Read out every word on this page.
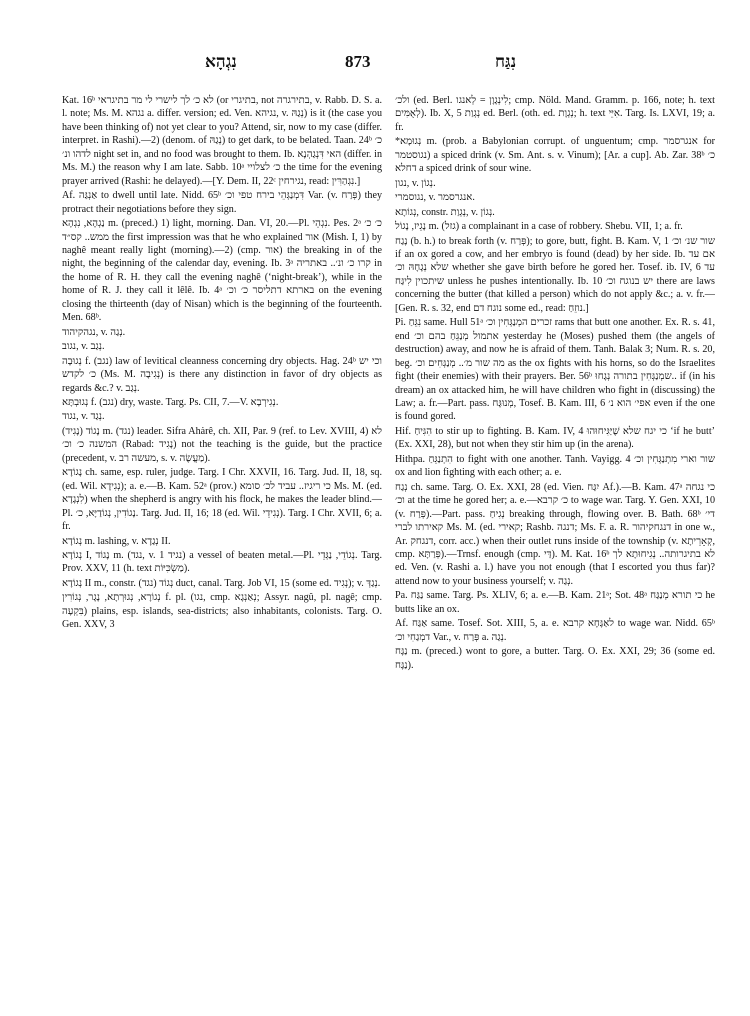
נִגְהָא	873	נִגַּח

Kat. 16ᵇ לא כ׳ לך לישרי לי מר בתיגראי (or בתיגרי, not בתירגרה, v. Rabb. D. S. a. l. note; Ms. M. נגהא a. differ. version; ed. Ven. נגיהא, v. נְגַהּ) is it (the case you have been thinking of) not yet clear to you? Attend, sir, now to my case (differ. interpret. in Rashi).—2) (denom. of נְגַהּ) to get dark, to be belated. Taan. 24ᵇ כ׳ לדהו ונ׳ night set in, and no food was brought to them. Ib. האי דִּנְגַהְנָא (differ. in Ms. M.) the reason why I am late. Sabb. 10ᵃ כ׳ לצלויי the time for the evening prayer arrived (Rashi: he delayed).—[Y. Dem. II, 22ᶜ נגירחין, read: נִגְהַרִּין.]

Af. אַנְגַּה to dwell until late. Nidd. 65ᵇ דִּמְנַגְּהֵי בירח טפי וכ׳ Var. (v. פְּרַח) they protract their negotiations before they sign.

נַגְהָא, נִגְהָא m. (preced.) 1) light, morning. Dan. VI, 20.—Pl. נִגְהֵי. Pes. 2ᵃ כ׳ כ׳ ממש.. קס״ד the first impression was that he who explained אור (Mish. I, 1) by naghê meant really light (morning).—2) (cmp. אור) the breaking in of the night, the beginning of the calendar day, evening. Ib. 3ᵃ קרו כ׳ ונ׳.. באתריה in the home of R. H. they call the evening naghê (‘night-break’), while in the home of R. J. they call it lêlê. Ib. 4ᵃ בארתא דתליסר כ׳ וכ׳ on the evening closing the thirteenth (day of Nisan) which is the beginning of the fourteenth. Men. 68ᵇ.

נגהקיהוד, v. נְגַה.

נגוב, v. נְגַב.

נְגוּבָה f. (נגב) law of levitical cleanness concerning dry objects. Hag. 24ᵇ וכי יש כ׳ לקדש (Ms. M. נְגִיבָה) is there any distinction in favor of dry objects as regards &c.? v. נְגַב.

נְגוּבְתָּא f. (נגב) dry, waste. Targ. Ps. CII, 7.—V. נְגִירְבָא.

נגוד, v. נְגַד.

נָגוֹד (נָגִיד) m. (נגד) leader. Sifra Ahȧrê, ch. XII, Par. 9 (ref. to Lev. XVIII, 4) לא המשנה כ׳ וכ׳ (Rabad: נָגִיד) not the teaching is the guide, but the practice (precedent, v. מעשה רב, s. v. מַעֲשֶׂה).

נָגוֹדָא ch. same, esp. ruler, judge. Targ. I Chr. XXVII, 16. Targ. Jud. II, 18, sq. (ed. Wil. נְגִידָא); a. e.—B. Kam. 52ᵃ (prov.) כי ריגיז.. עביד לכ׳ סומא Ms. M. (ed. לִנְגָדָא) when the shepherd is angry with his flock, he makes the leader blind.—Pl. נָגוֹדִין, נְגוֹדַיָּא, כ׳. Targ. Jud. II, 16; 18 (ed. Wil. נְגִידֵי). Targ. I Chr. XVII, 6; a. fr.

נְגוֹדָא m. lashing, v. נְגַדָא II.

נְגוֹדָא I, נָגוֹד m. (נגד, v. נגיד 1) a vessel of beaten metal.—Pl. נְגוֹדֵי, נַגְּדֵי. Targ. Prov. XXV, 11 (h. text מַשְׂכִּיּוֹת).

נְגוֹדָא II m., constr. נְגוֹד (נגד) duct, canal. Targ. Job VI, 15 (some ed. נְגִיד); v. נְגַדְּ.

נְגוֹרָא, נְגוּרְתָא, נָגָר, נְגוֹרִין f. pl. (נגו, cmp. נְאַנְגָא; Assyr. nagû, pl. nagê; cmp. בִּקְעָה) plains, esp. islands, sea-districts; also inhabitants, colonists. Targ. O. Gen. XXV, 3

ולכ׳ (ed. Berl. לִינְגָוָן = לְאנגו; cmp. Nöld. Mand. Gramm. p. 166, note; h. text לְאֻמִּים). Ib. X, 5 נְגְוַת ed. Berl. (oth. ed. נְגְוָת; h. text אִיֵּי. Targ. Is. LXVI, 19; a. fr.

*נְגוּמָא m. (prob. a Babylonian corrupt. of unguentum; cmp. אנגרסמר for נגוסטמר) a spiced drink (v. Sm. Ant. s. v. Vinum); [Ar. a cup]. Ab. Zar. 38ᵇ כ׳ דחלא a spiced drink of sour wine.

נגון, v. נְגוֹן.

נגוסמרי, v. אנגרסמר.

נְגוֹתָא, constr. נְגְוַת, v. נְגוֹן.

נָגֵיז, נָגוֹל m. (גזל) a complainant in a case of robbery. Shebu. VII, 1; a. fr.

נָגַח (b. h.) to break forth (v. פְּרַח); to gore, butt, fight. B. Kam. V, 1 שור שנ׳ וכ׳ if an ox gored a cow, and her embryo is found (dead) by her side. Ib. אם עד שלא נְגָחָהּ וכ׳ whether she gave birth before he gored her. Tosef. ib. IV, 6 עד שיתכוין לִיגַּח unless he pushes intentionally. Ib. 10 יש בנוגח וכ׳ there are laws concerning the butter (that killed a person) which do not apply &c.; a. v. fr.—[Gen. R. s. 32, end נוגח דם some ed., read: נוזֵחַ.]

Pi. נִגֵּחַ same. Hull 51ᵃ זכרים המְנַגְּחִין וכ׳ rams that butt one another. Ex. R. s. 41, end אתמול מְנַגֵּחַ בהם וכ׳ yesterday he (Moses) pushed them (the angels of destruction) away, and now he is afraid of them. Tanh. Balak 3; Num. R. s. 20, beg. מה שור מ׳.. מְנַגְּחִים וכ׳ as the ox fights with his horns, so do the Israelites fight (their enemies) with their prayers. Ber. 56ᵇ שמְנַגְּחִין בתורה נְגָחוּ.. if (in his dream) an ox attacked him, he will have children who fight in (discussing) the Law; a. fr.—Part. pass. מְנוּגָּח, Tosef. B. Kam. III, 6 אפי׳ הוא נ׳ even if the one is found gored.

Hif. הִגִּיחַ to stir up to fighting. B. Kam. IV, 4 כי יגח שלא שֶׁיַּגִּיחוּהוּ ‘if he butt’ (Ex. XXI, 28), but not when they stir him up (in the arena).

Hithpa. הִתְנַגֵּחַ to fight with one another. Tanh. Vayigg. 4 שור וארי מִתְנַגְּחִין וכ׳ ox and lion fighting with each other; a. e.

נְגַח ch. same. Targ. O. Ex. XXI, 28 (ed. Vien. יִגַּח Af.).—B. Kam. 47ᵃ כי נגחה וכ׳ at the time he gored her; a. e.—כ׳ קרבא to wage war. Targ. Y. Gen. XXI, 10 (v. פְּרַח).—Part. pass. נְגִיחַ breaking through, flowing over. B. Bath. 68ᵇ די׳ קאירתו לברי Ms. M. (ed. קאירי; Rashb. דנגה; Ms. F. a. R. דנגחקיהור in one w., Ar. דנגחק, corr. acc.) when their outlet runs inside of the township (v. קְאָרֵיתָא, cmp. פְּרַתָּא).—Trnsf. enough (cmp. דַּי). M. Kat. 16ᵇ לא בתיגרותה.. נְגִיחוּתָא לך ed. Ven. (v. Rashi a. l.) have you not enough (that I escorted you thus far)? attend now to your business yourself; v. נְגַה.

Pa. נַגַּח same. Targ. Ps. XLIV, 6; a. e.—B. Kam. 21ᵃ; Sot. 48ᵃ כי תורא מְנַגַּח he butts like an ox.

Af. אַגַּח same. Tosef. Sot. XIII, 5, a. e. לאַגָּחָא קרבא to wage war. Nidd. 65ᵇ דמְגַחִי וכ׳ Var., v. פְּרַח a. נְגַה.

נַגָּח m. (preced.) wont to gore, a butter. Targ. O. Ex. XXI, 29; 36 (some ed. נַגָּח).
